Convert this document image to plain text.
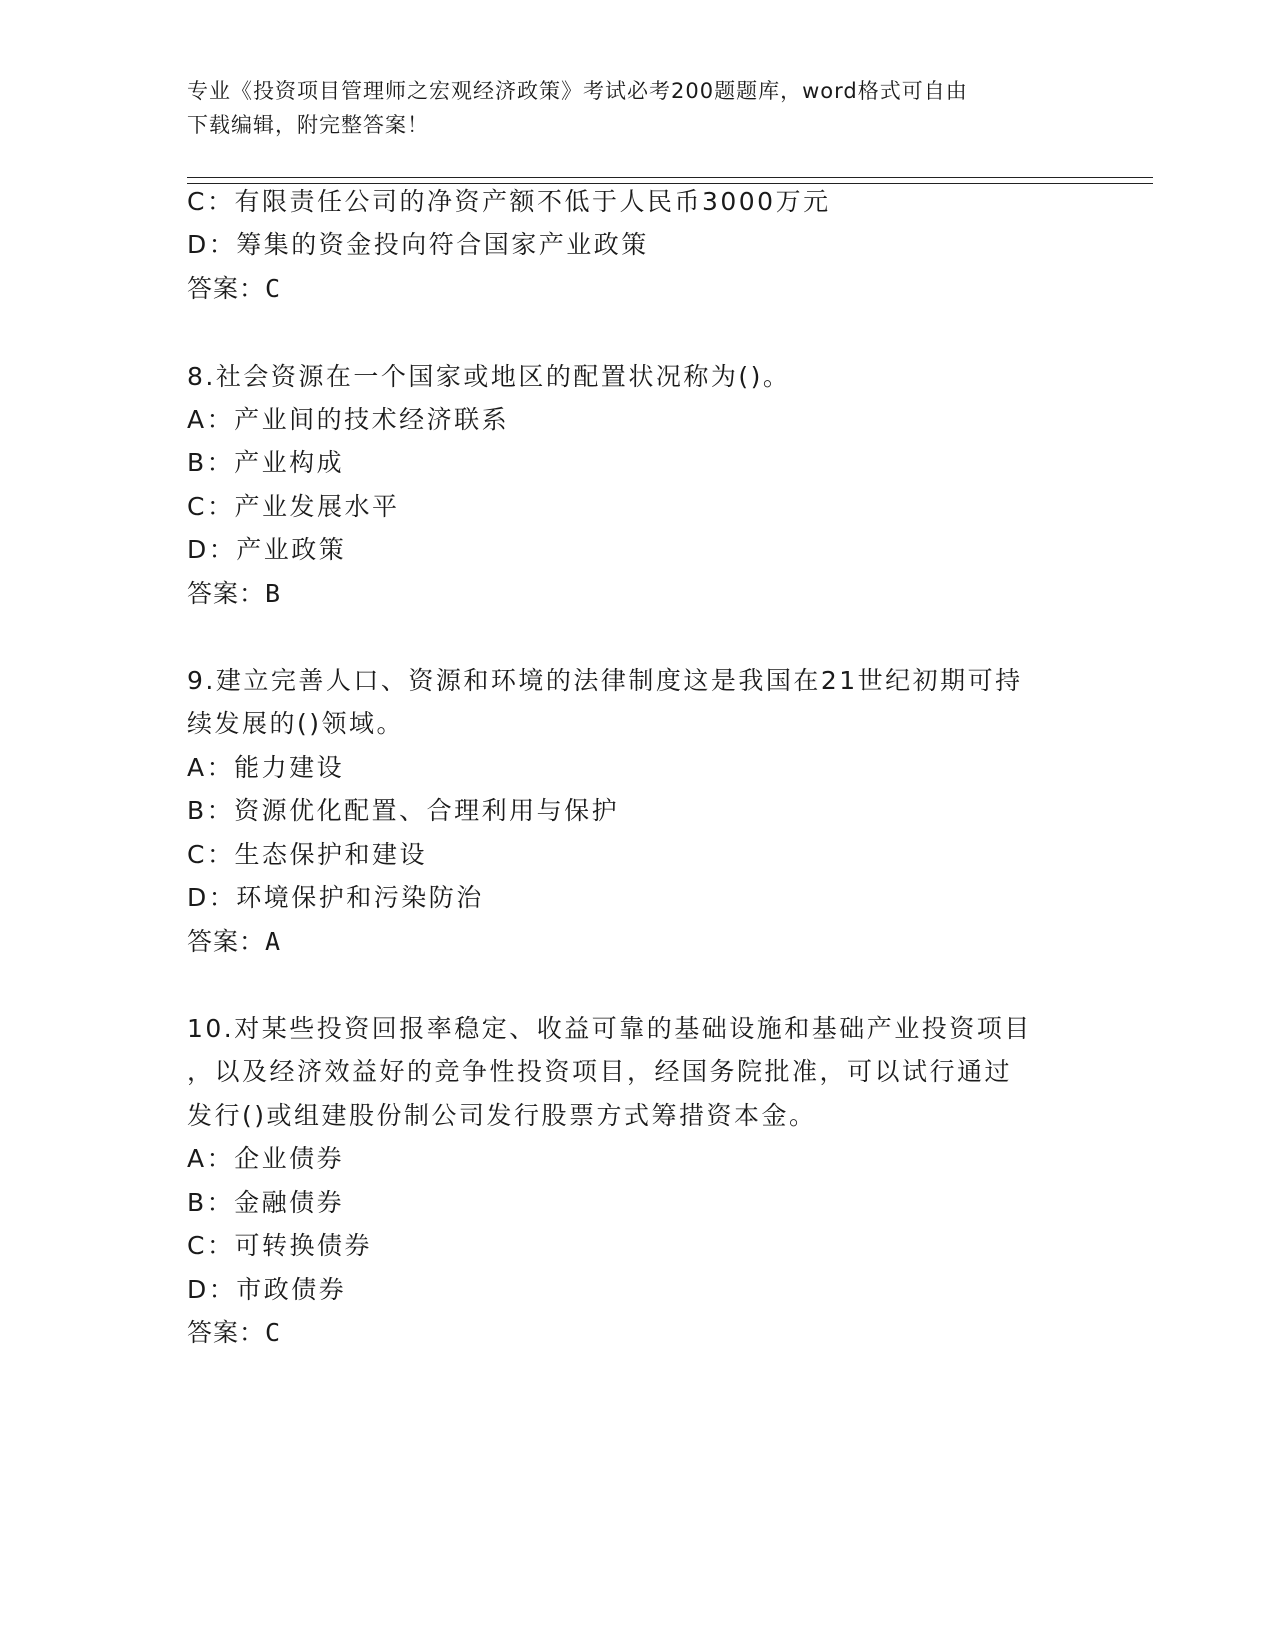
专业《投资项目管理师之宏观经济政策》考试必考200题题库，word格式可自由
下载编辑，附完整答案！
C：有限责任公司的净资产额不低于人民币3000万元
D：筹集的资金投向符合国家产业政策
答案：C
8.社会资源在一个国家或地区的配置状况称为()。
A：产业间的技术经济联系
B：产业构成
C：产业发展水平
D：产业政策
答案：B
9.建立完善人口、资源和环境的法律制度这是我国在21世纪初期可持
续发展的()领域。
A：能力建设
B：资源优化配置、合理利用与保护
C：生态保护和建设
D：环境保护和污染防治
答案：A
10.对某些投资回报率稳定、收益可靠的基础设施和基础产业投资项目
，以及经济效益好的竞争性投资项目，经国务院批准，可以试行通过
发行()或组建股份制公司发行股票方式筹措资本金。
A：企业债券
B：金融债券
C：可转换债券
D：市政债券
答案：C
